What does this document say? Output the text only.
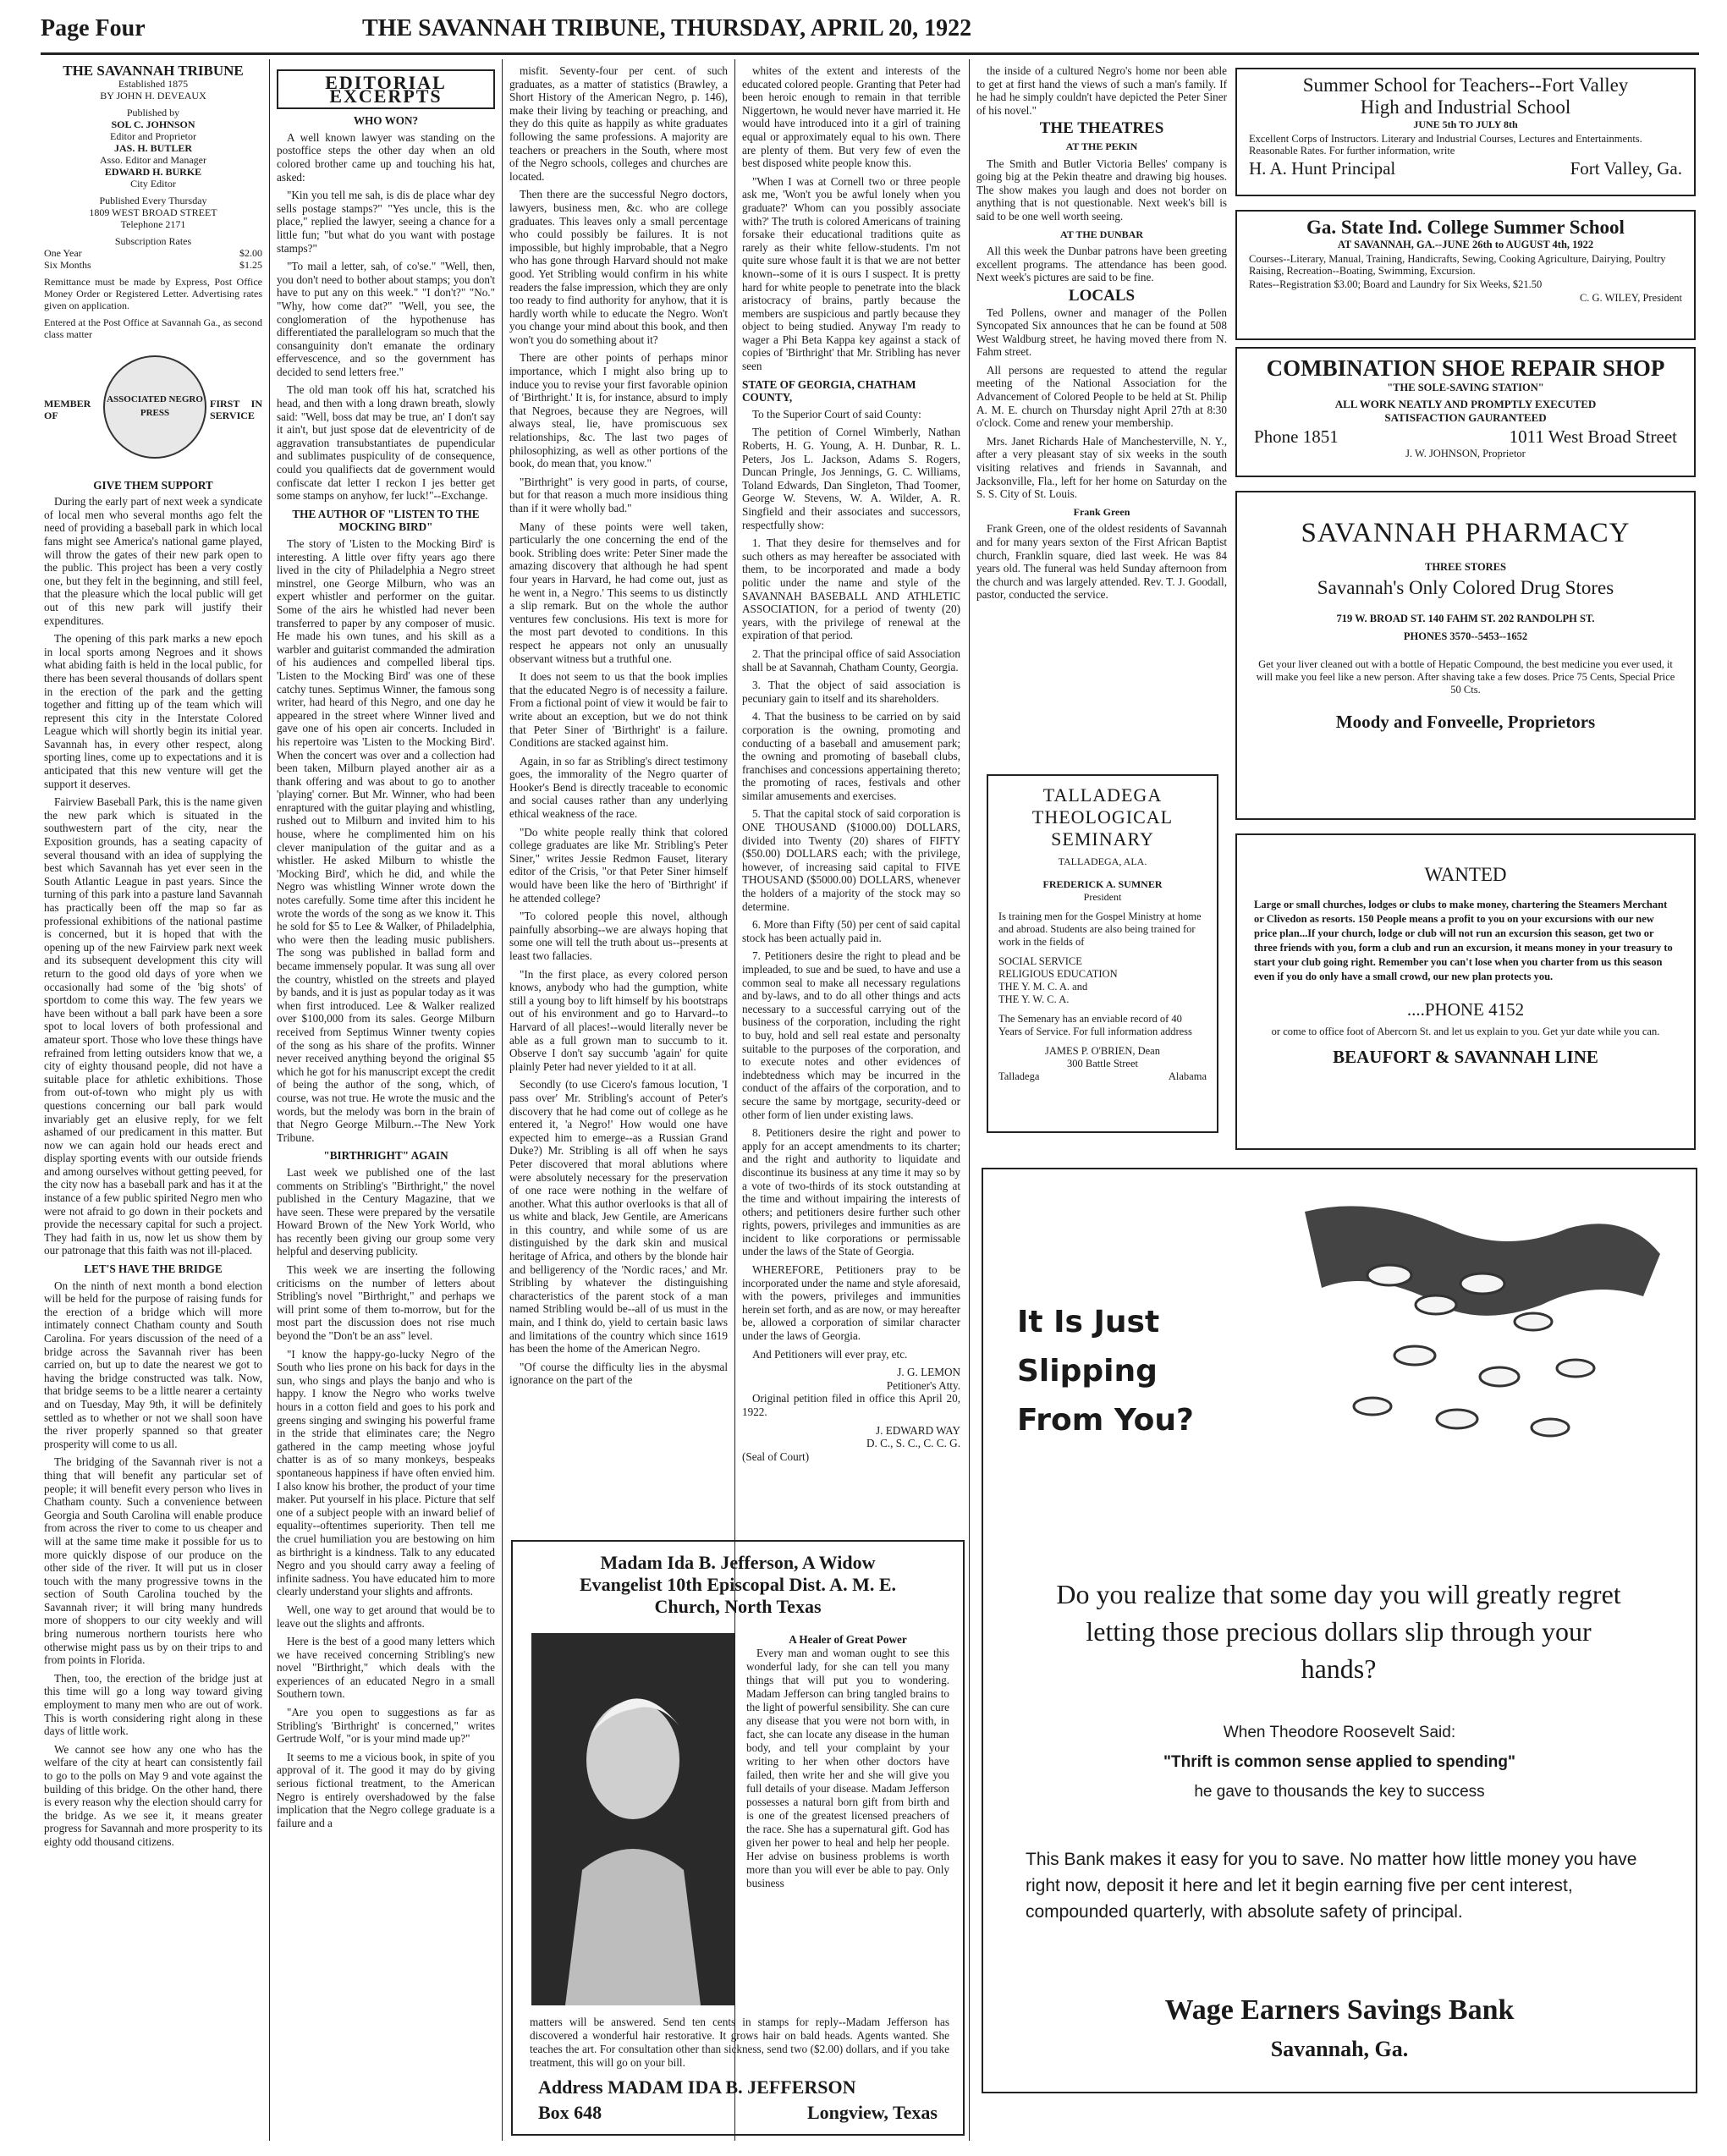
Page Four	THE SAVANNAH TRIBUNE, THURSDAY, APRIL 20, 1922
THE SAVANNAH TRIBUNE
Established 1875
BY JOHN H. DEVEAUX
Published by
SOL C. JOHNSON
Editor and Proprietor
JAS. H. BUTLER
Asso. Editor and Manager
EDWARD H. BURKE
City Editor
Published Every Thursday
1809 WEST BROAD STREET
Telephone 2171
Subscription Rates
One Year	$2.00
Six Months	$1.25
Remittance must be made by Express, Post Office Money Order or Registered Letter. Advertising rates given on application.
Entered at the Post Office at Savannah Ga., as second class matter
MEMBER OF
ASSOCIATED NEGRO PRESS
FIRST IN SERVICE
GIVE THEM SUPPORT

During the early part of next week a syndicate of local men who several months ago felt the need of providing a baseball park in which local fans might see America's national game played, will throw the gates of their new park open to the public. This project has been a very costly one, but they felt in the beginning, and still feel, that the pleasure which the local public will get out of this new park will justify their expenditures.

The opening of this park marks a new epoch in local sports among Negroes and it shows what abiding faith is held in the local public, for there has been several thousands of dollars spent in the erection of the park and the getting together and fitting up of the team which will represent this city in the Interstate Colored League which will shortly begin its initial year. Savannah has, in every other respect, along sporting lines, come up to expectations and it is anticipated that this new venture will get the support it deserves.

Fairview Baseball Park, this is the name given the new park which is situated in the southwestern part of the city, near the Exposition grounds, has a seating capacity of several thousand with an idea of supplying the best which Savannah has yet ever seen in the South Atlantic League in past years. Since the turning of this park into a pasture land Savannah has practically been off the map so far as professional exhibitions of the national pastime is concerned, but it is hoped that with the opening up of the new Fairview park next week and its subsequent development this city will return to the good old days of yore when we occasionally had some of the 'big shots' of sportdom to come this way. The few years we have been without a ball park have been a sore spot to local lovers of both professional and amateur sport. Those who love these things have refrained from letting outsiders know that we, a city of eighty thousand people, did not have a suitable place for athletic exhibitions. Those from out-of-town who might ply us with questions concerning our ball park would invariably get an elusive reply, for we felt ashamed of our predicament in this matter. But now we can again hold our heads erect and display sporting events with our outside friends and among ourselves without getting peeved, for the city now has a baseball park and has it at the instance of a few public spirited Negro men who were not afraid to go down in their pockets and provide the necessary capital for such a project. They had faith in us, now let us show them by our patronage that this faith was not ill-placed.

LET'S HAVE THE BRIDGE

On the ninth of next month a bond election will be held for the purpose of raising funds for the erection of a bridge which will more intimately connect Chatham county and South Carolina. For years discussion of the need of a bridge across the Savannah river has been carried on, but up to date the nearest we got to having the bridge constructed was talk. Now, that bridge seems to be a little nearer a certainty and on Tuesday, May 9th, it will be definitely settled as to whether or not we shall soon have the river properly spanned so that greater prosperity will come to us all.

The bridging of the Savannah river is not a thing that will benefit any particular set of people; it will benefit every person who lives in Chatham county. Such a convenience between Georgia and South Carolina will enable produce from across the river to come to us cheaper and will at the same time make it possible for us to more quickly dispose of our produce on the other side of the river. It will put us in closer touch with the many progressive towns in the section of South Carolina touched by the Savannah river; it will bring many hundreds more of shoppers to our city weekly and will bring numerous northern tourists here who otherwise might pass us by on their trips to and from points in Florida.

Then, too, the erection of the bridge just at this time will go a long way toward giving employment to many men who are out of work. This is worth considering right along in these days of little work.

We cannot see how any one who has the welfare of the city at heart can consistently fail to go to the polls on May 9 and vote against the building of this bridge. On the other hand, there is every reason why the election should carry for the bridge. As we see it, it means greater progress for Savannah and more prosperity to its eighty odd thousand citizens.

EDITORIAL EXCERPTS
WHO WON?

A well known lawyer was standing on the postoffice steps the other day when an old colored brother came up and touching his hat, asked:

"Kin you tell me sah, is dis de place whar dey sells postage stamps?" "Yes uncle, this is the place," replied the lawyer, seeing a chance for a little fun; "but what do you want with postage stamps?"

"To mail a letter, sah, of co'se." "Well, then, you don't need to bother about stamps; you don't have to put any on this week." "I don't?" "No." "Why, how come dat?" "Well, you see, the conglomeration of the hypothenuse has differentiated the parallelogram so much that the consanguinity don't emanate the ordinary effervescence, and so the government has decided to send letters free."

The old man took off his hat, scratched his head, and then with a long drawn breath, slowly said: "Well, boss dat may be true, an' I don't say it ain't, but just spose dat de eleventricity of de aggravation transubstantiates de pupendicular and sublimates puspiculity of de consequence, could you qualifiects dat de government would confiscate dat letter I reckon I jes better get some stamps on anyhow, fer luck!"--Exchange.

THE AUTHOR OF "LISTEN TO THE MOCKING BIRD"

The story of 'Listen to the Mocking Bird' is interesting. A little over fifty years ago there lived in the city of Philadelphia a Negro street minstrel, one George Milburn, who was an expert whistler and performer on the guitar. Some of the airs he whistled had never been transferred to paper by any composer of music. He made his own tunes, and his skill as a warbler and guitarist commanded the admiration of his audiences and compelled liberal tips. 'Listen to the Mocking Bird' was one of these catchy tunes. Septimus Winner, the famous song writer, had heard of this Negro, and one day he appeared in the street where Winner lived and gave one of his open air concerts. Included in his repertoire was 'Listen to the Mocking Bird'. When the concert was over and a collection had been taken, Milburn played another air as a thank offering and was about to go to another 'playing' corner. But Mr. Winner, who had been enraptured with the guitar playing and whistling, rushed out to Milburn and invited him to his house, where he complimented him on his clever manipulation of the guitar and as a whistler. He asked Milburn to whistle the 'Mocking Bird', which he did, and while the Negro was whistling Winner wrote down the notes carefully. Some time after this incident he wrote the words of the song as we know it. This he sold for $5 to Lee & Walker, of Philadelphia, who were then the leading music publishers. The song was published in ballad form and became immensely popular. It was sung all over the country, whistled on the streets and played by bands, and it is just as popular today as it was when first introduced. Lee & Walker realized over $100,000 from its sales. George Milburn received from Septimus Winner twenty copies of the song as his share of the profits. Winner never received anything beyond the original $5 which he got for his manuscript except the credit of being the author of the song, which, of course, was not true. He wrote the music and the words, but the melody was born in the brain of that Negro George Milburn.--The New York Tribune.

"BIRTHRIGHT" AGAIN

Last week we published one of the last comments on Stribling's "Birthright," the novel published in the Century Magazine, that we have seen. These were prepared by the versatile Howard Brown of the New York World, who has recently been giving our group some very helpful and deserving publicity.

This week we are inserting the following criticisms on the number of letters about Stribling's novel "Birthright," and perhaps we will print some of them to-morrow, but for the most part the discussion does not rise much beyond the "Don't be an ass" level.

"I know the happy-go-lucky Negro of the South who lies prone on his back for days in the sun, who sings and plays the banjo and who is happy. I know the Negro who works twelve hours in a cotton field and goes to his pork and greens singing and swinging his powerful frame in the stride that eliminates care; the Negro gathered in the camp meeting whose joyful chatter is as of so many monkeys, bespeaks spontaneous happiness if have often envied him. I also know his brother, the product of your time maker. Put yourself in his place. Picture that self one of a subject people with an inward belief of equality--oftentimes superiority. Then tell me the cruel humiliation you are bestowing on him as birthright is a kindness. Talk to any educated Negro and you should carry away a feeling of infinite sadness. You have educated him to more clearly understand your slights and affronts.

Well, one way to get around that would be to leave out the slights and affronts.

Here is the best of a good many letters which we have received concerning Stribling's new novel "Birthright," which deals with the experiences of an educated Negro in a small Southern town.

"Are you open to suggestions as far as Stribling's 'Birthright' is concerned," writes Gertrude Wolf, "or is your mind made up?"

It seems to me a vicious book, in spite of you approval of it. The good it may do by giving serious fictional treatment, to the American Negro is entirely overshadowed by the false implication that the Negro college graduate is a failure and a

misfit. Seventy-four per cent. of such graduates, as a matter of statistics (Brawley, a Short History of the American Negro, p. 146), make their living by teaching or preaching, and they do this quite as happily as white graduates following the same professions. A majority are teachers or preachers in the South, where most of the Negro schools, colleges and churches are located.

Then there are the successful Negro doctors, lawyers, business men, &c. who are college graduates. This leaves only a small percentage who could possibly be failures. It is not impossible, but highly improbable, that a Negro who has gone through Harvard should not make good. Yet Stribling would confirm in his white readers the false impression, which they are only too ready to find authority for anyhow, that it is hardly worth while to educate the Negro. Won't you change your mind about this book, and then won't you do something about it?

There are other points of perhaps minor importance, which I might also bring up to induce you to revise your first favorable opinion of 'Birthright.' It is, for instance, absurd to imply that Negroes, because they are Negroes, will always steal, lie, have promiscuous sex relationships, &c. The last two pages of philosophizing, as well as other portions of the book, do mean that, you know."

"Birthright" is very good in parts, of course, but for that reason a much more insidious thing than if it were wholly bad."

Many of these points were well taken, particularly the one concerning the end of the book. Stribling does write: Peter Siner made the amazing discovery that although he had spent four years in Harvard, he had come out, just as he went in, a Negro.' This seems to us distinctly a slip remark. But on the whole the author ventures few conclusions. His text is more for the most part devoted to conditions. In this respect he appears not only an unusually observant witness but a truthful one.

It does not seem to us that the book implies that the educated Negro is of necessity a failure. From a fictional point of view it would be fair to write about an exception, but we do not think that Peter Siner of 'Birthright' is a failure. Conditions are stacked against him.

Again, in so far as Stribling's direct testimony goes, the immorality of the Negro quarter of Hooker's Bend is directly traceable to economic and social causes rather than any underlying ethical weakness of the race.

"Do white people really think that colored college graduates are like Mr. Stribling's Peter Siner," writes Jessie Redmon Fauset, literary editor of the Crisis, "or that Peter Siner himself would have been like the hero of 'Birthright' if he attended college?

"To colored people this novel, although painfully absorbing--we are always hoping that some one will tell the truth about us--presents at least two fallacies.

"In the first place, as every colored person knows, anybody who had the gumption, white still a young boy to lift himself by his bootstraps out of his environment and go to Harvard--to Harvard of all places!--would literally never be able as a full grown man to succumb to it. Observe I don't say succumb 'again' for quite plainly Peter had never yielded to it at all.

Secondly (to use Cicero's famous locution, 'I pass over' Mr. Stribling's account of Peter's discovery that he had come out of college as he entered it, 'a Negro!' How would one have expected him to emerge--as a Russian Grand Duke?) Mr. Stribling is all off when he says Peter discovered that moral ablutions where were absolutely necessary for the preservation of one race were nothing in the welfare of another. What this author overlooks is that all of us white and black, Jew Gentile, are Americans in this country, and while some of us are distinguished by the dark skin and musical heritage of Africa, and others by the blonde hair and belligerency of the 'Nordic races,' and Mr. Stribling by whatever the distinguishing characteristics of the parent stock of a man named Stribling would be--all of us must in the main, and I think do, yield to certain basic laws and limitations of the country which since 1619 has been the home of the American Negro.

"Of course the difficulty lies in the abysmal ignorance on the part of the

whites of the extent and interests of the educated colored people. Granting that Peter had been heroic enough to remain in that terrible Niggertown, he would never have married it. He would have introduced into it a girl of training equal or approximately equal to his own. There are plenty of them. But very few of even the best disposed white people know this.

"When I was at Cornell two or three people ask me, 'Won't you be awful lonely when you graduate?' Whom can you possibly associate with?' The truth is colored Americans of training forsake their educational traditions quite as rarely as their white fellow-students. I'm not quite sure whose fault it is that we are not better known--some of it is ours I suspect. It is pretty hard for white people to penetrate into the black aristocracy of brains, partly because the members are suspicious and partly because they object to being studied. Anyway I'm ready to wager a Phi Beta Kappa key against a stack of copies of 'Birthright' that Mr. Stribling has never seen

STATE OF GEORGIA, CHATHAM COUNTY,

To the Superior Court of said County:

The petition of Cornel Wimberly, Nathan Roberts, H. G. Young, A. H. Dunbar, R. L. Peters, Jos L. Jackson, Adams S. Rogers, Duncan Pringle, Jos Jennings, G. C. Williams, Toland Edwards, Dan Singleton, Thad Toomer, George W. Stevens, W. A. Wilder, A. R. Singfield and their associates and successors, respectfully show:

1. That they desire for themselves and for such others as may hereafter be associated with them, to be incorporated and made a body politic under the name and style of the SAVANNAH BASEBALL AND ATHLETIC ASSOCIATION, for a period of twenty (20) years, with the privilege of renewal at the expiration of that period.

2. That the principal office of said Association shall be at Savannah, Chatham County, Georgia.

3. That the object of said association is pecuniary gain to itself and its shareholders.

4. That the business to be carried on by said corporation is the owning, promoting and conducting of a baseball and amusement park; the owning and promoting of baseball clubs, franchises and concessions appertaining thereto; the promoting of races, festivals and other similar amusements and exercises.

5. That the capital stock of said corporation is ONE THOUSAND ($1000.00) DOLLARS, divided into Twenty (20) shares of FIFTY ($50.00) DOLLARS each; with the privilege, however, of increasing said capital to FIVE THOUSAND ($5000.00) DOLLARS, whenever the holders of a majority of the stock may so determine.

6. More than Fifty (50) per cent of said capital stock has been actually paid in.

7. Petitioners desire the right to plead and be impleaded, to sue and be sued, to have and use a common seal to make all necessary regulations and by-laws, and to do all other things and acts necessary to a successful carrying out of the business of the corporation, including the right to buy, hold and sell real estate and personalty suitable to the purposes of the corporation, and to execute notes and other evidences of indebtedness which may be incurred in the conduct of the affairs of the corporation, and to secure the same by mortgage, security-deed or other form of lien under existing laws.

8. Petitioners desire the right and power to apply for an accept amendments to its charter; and the right and authority to liquidate and discontinue its business at any time it may so by a vote of two-thirds of its stock outstanding at the time and without impairing the interests of others; and petitioners desire further such other rights, powers, privileges and immunities as are incident to like corporations or permissable under the laws of the State of Georgia.

WHEREFORE, Petitioners pray to be incorporated under the name and style aforesaid, with the powers, privileges and immunities herein set forth, and as are now, or may hereafter be, allowed a corporation of similar character under the laws of Georgia.

And Petitioners will ever pray, etc.

J. G. LEMON
Petitioner's Atty.

Original petition filed in office this April 20, 1922.

J. EDWARD WAY
D. C., S. C., C. C. G.
(Seal of Court)
Madam Ida B. Jefferson, A Widow
Evangelist 10th Episcopal Dist. A. M. E.
Church, North Texas
A Healer of Great Power
Every man and woman ought to see this wonderful lady, for she can tell you many things that will put you to wondering. Madam Jefferson can bring tangled brains to the light of powerful sensibility. She can cure any disease that you were not born with, in fact, she can locate any disease in the human body, and tell your complaint by your writing to her when other doctors have failed, then write her and she will give you full details of your disease. Madam Jefferson possesses a natural born gift from birth and is one of the greatest licensed preachers of the race. She has a supernatural gift. God has given her power to heal and help her people. Her advise on business problems is worth more than you will ever be able to pay. Only business
matters will be answered. Send ten cents in stamps for reply--Madam Jefferson has discovered a wonderful hair restorative. It grows hair on bald heads. Agents wanted. She teaches the art. For consultation other than sickness, send two ($2.00) dollars, and if you take treatment, this will go on your bill.
Address MADAM IDA B. JEFFERSON
Box 648	Longview, Texas

the inside of a cultured Negro's home nor been able to get at first hand the views of such a man's family. If he had he simply couldn't have depicted the Peter Siner of his novel."

THE THEATRES
AT THE PEKIN

The Smith and Butler Victoria Belles' company is going big at the Pekin theatre and drawing big houses. The show makes you laugh and does not border on anything that is not questionable. Next week's bill is said to be one well worth seeing.

AT THE DUNBAR

All this week the Dunbar patrons have been greeting excellent programs. The attendance has been good. Next week's pictures are said to be fine.

LOCALS

Ted Pollens, owner and manager of the Pollen Syncopated Six announces that he can be found at 508 West Waldburg street, he having moved there from N. Fahm street.

All persons are requested to attend the regular meeting of the National Association for the Advancement of Colored People to be held at St. Philip A. M. E. church on Thursday night April 27th at 8:30 o'clock. Come and renew your membership.

Mrs. Janet Richards Hale of Manchesterville, N. Y., after a very pleasant stay of six weeks in the south visiting relatives and friends in Savannah, and Jacksonville, Fla., left for her home on Saturday on the S. S. City of St. Louis.

Frank Green

Frank Green, one of the oldest residents of Savannah and for many years sexton of the First African Baptist church, Franklin square, died last week. He was 84 years old. The funeral was held Sunday afternoon from the church and was largely attended. Rev. T. J. Goodall, pastor, conducted the service.

TALLADEGA
THEOLOGICAL
SEMINARY
TALLADEGA, ALA.
FREDERICK A. SUMNER
President
Is training men for the Gospel Ministry at home and abroad. Students are also being trained for work in the fields of
SOCIAL SERVICE
RELIGIOUS EDUCATION
THE Y. M. C. A. and
THE Y. W. C. A.
The Semenary has an enviable record of 40 Years of Service. For full information address
JAMES P. O'BRIEN, Dean
300 Battle Street
Talladega	Alabama
Summer School for Teachers--Fort Valley
High and Industrial School
JUNE 5th TO JULY 8th
Excellent Corps of Instructors. Literary and Industrial Courses, Lectures and Entertainments. Reasonable Rates. For further information, write
H. A. Hunt Principal	Fort Valley, Ga.
Ga. State Ind. College Summer School
AT SAVANNAH, GA.--JUNE 26th to AUGUST 4th, 1922
Courses--Literary, Manual, Training, Handicrafts, Sewing, Cooking Agriculture, Dairying, Poultry Raising, Recreation--Boating, Swimming, Excursion.
Rates--Registration $3.00; Board and Laundry for Six Weeks, $21.50
C. G. WILEY, President
COMBINATION SHOE REPAIR SHOP
"THE SOLE-SAVING STATION"
ALL WORK NEATLY AND PROMPTLY EXECUTED
SATISFACTION GAURANTEED
Phone 1851	1011 West Broad Street
J. W. JOHNSON, Proprietor
SAVANNAH PHARMACY
THREE STORES
Savannah's Only Colored Drug Stores
719 W. BROAD ST. 140 FAHM ST. 202 RANDOLPH ST.
PHONES 3570--5453--1652
Get your liver cleaned out with a bottle of Hepatic Compound, the best medicine you ever used, it will make you feel like a new person. After shaving take a few doses. Price 75 Cents, Special Price 50 Cts.
Moody and Fonveelle, Proprietors
WANTED
Large or small churches, lodges or clubs to make money, chartering the Steamers Merchant or Clivedon as resorts. 150 People means a profit to you on your excursions with our new price plan...If your church, lodge or club will not run an excursion this season, get two or three friends with you, form a club and run an excursion, it means money in your treasury to start your club going right. Remember you can't lose when you charter from us this season even if you do only have a small crowd, our new plan protects you.
....PHONE 4152
or come to office foot of Abercorn St. and let us explain to you. Get yur date while you can.
BEAUFORT & SAVANNAH LINE
It Is Just
Slipping
From You?
Do you realize that some day you will greatly regret letting those precious dollars slip through your hands?
When Theodore Roosevelt Said:
"Thrift is common sense applied to spending"
he gave to thousands the key to success
This Bank makes it easy for you to save. No matter how little money you have right now, deposit it here and let it begin earning five per cent interest, compounded quarterly, with absolute safety of principal.
Wage Earners Savings Bank
Savannah, Ga.
